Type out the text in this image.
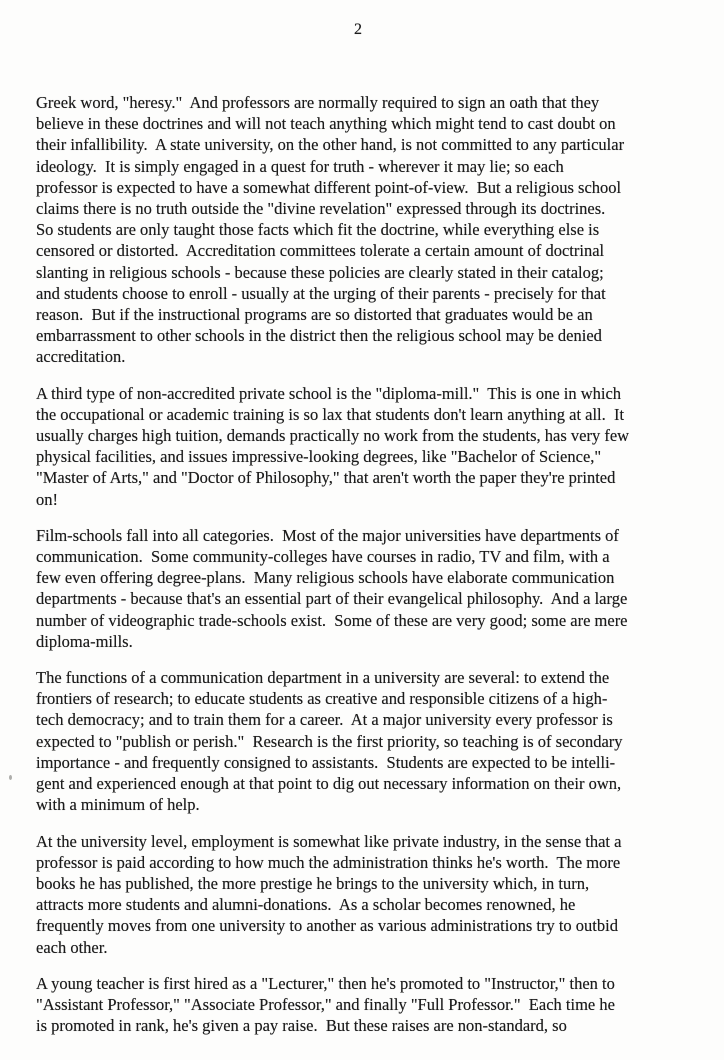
2

Greek word, "heresy."  And professors are normally required to sign an oath that they
believe in these doctrines and will not teach anything which might tend to cast doubt on
their infallibility.  A state university, on the other hand, is not committed to any particular
ideology.  It is simply engaged in a quest for truth - wherever it may lie; so each
professor is expected to have a somewhat different point-of-view.  But a religious school
claims there is no truth outside the "divine revelation" expressed through its doctrines.
So students are only taught those facts which fit the doctrine, while everything else is
censored or distorted.  Accreditation committees tolerate a certain amount of doctrinal
slanting in religious schools - because these policies are clearly stated in their catalog;
and students choose to enroll - usually at the urging of their parents - precisely for that
reason.  But if the instructional programs are so distorted that graduates would be an
embarrassment to other schools in the district then the religious school may be denied
accreditation.

A third type of non-accredited private school is the "diploma-mill."  This is one in which
the occupational or academic training is so lax that students don't learn anything at all.  It
usually charges high tuition, demands practically no work from the students, has very few
physical facilities, and issues impressive-looking degrees, like "Bachelor of Science,"
"Master of Arts," and "Doctor of Philosophy," that aren't worth the paper they're printed
on!

Film-schools fall into all categories.  Most of the major universities have departments of
communication.  Some community-colleges have courses in radio, TV and film, with a
few even offering degree-plans.  Many religious schools have elaborate communication
departments - because that's an essential part of their evangelical philosophy.  And a large
number of videographic trade-schools exist.  Some of these are very good; some are mere
diploma-mills.

The functions of a communication department in a university are several: to extend the
frontiers of research; to educate students as creative and responsible citizens of a high-
tech democracy; and to train them for a career.  At a major university every professor is
expected to "publish or perish."  Research is the first priority, so teaching is of secondary
importance - and frequently consigned to assistants.  Students are expected to be intelli-
gent and experienced enough at that point to dig out necessary information on their own,
with a minimum of help.

At the university level, employment is somewhat like private industry, in the sense that a
professor is paid according to how much the administration thinks he's worth.  The more
books he has published, the more prestige he brings to the university which, in turn,
attracts more students and alumni-donations.  As a scholar becomes renowned, he
frequently moves from one university to another as various administrations try to outbid
each other.

A young teacher is first hired as a "Lecturer," then he's promoted to "Instructor," then to
"Assistant Professor," "Associate Professor," and finally "Full Professor."  Each time he
is promoted in rank, he's given a pay raise.  But these raises are non-standard, so
